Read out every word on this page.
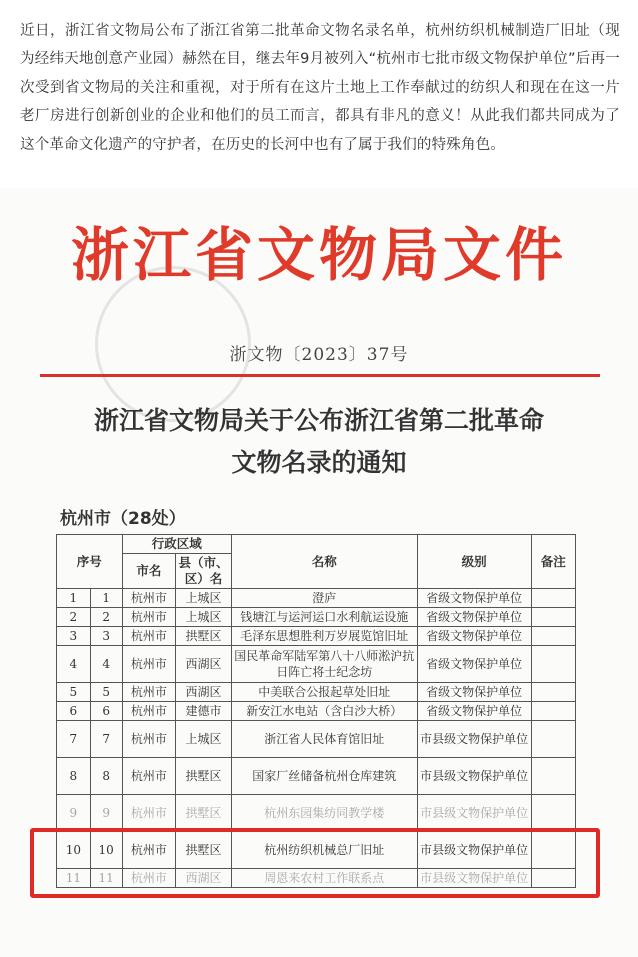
近日，浙江省文物局公布了浙江省第二批革命文物名录名单，杭州纺织机械制造厂旧址（现为经纬天地创意产业园）赫然在目，继去年9月被列入“杭州市七批市级文物保护单位”后再一次受到省文物局的关注和重视，对于所有在这片土地上工作奉献过的纺织人和现在在这一片老厂房进行创新创业的企业和他们的员工而言，都具有非凡的意义！从此我们都共同成为了这个革命文化遗产的守护者，在历史的长河中也有了属于我们的特殊角色。

浙江省文物局文件
浙文物〔2023〕37号
浙江省文物局关于公布浙江省第二批革命
文物名录的通知
杭州市（28处）
序号		行政区域		名称	级别	备注
		市名	县（市、区）名			
1	1	杭州市	上城区	澄庐	省级文物保护单位	
2	2	杭州市	上城区	钱塘江与运河运口水利航运设施	省级文物保护单位	
3	3	杭州市	拱墅区	毛泽东思想胜利万岁展览馆旧址	省级文物保护单位	
4	4	杭州市	西湖区	国民革命军陆军第八十八师淞沪抗日阵亡将士纪念坊	省级文物保护单位	
5	5	杭州市	西湖区	中美联合公报起草处旧址	省级文物保护单位	
6	6	杭州市	建德市	新安江水电站（含白沙大桥）	省级文物保护单位	
7	7	杭州市	上城区	浙江省人民体育馆旧址	市县级文物保护单位	
8	8	杭州市	拱墅区	国家厂丝储备杭州仓库建筑	市县级文物保护单位	
9	9	杭州市	拱墅区	杭州东园集纺同教学楼	市县级文物保护单位	
10	10	杭州市	拱墅区	杭州纺织机械总厂旧址	市县级文物保护单位	
11	11	杭州市	西湖区	周恩来农村工作联系点	市县级文物保护单位	
